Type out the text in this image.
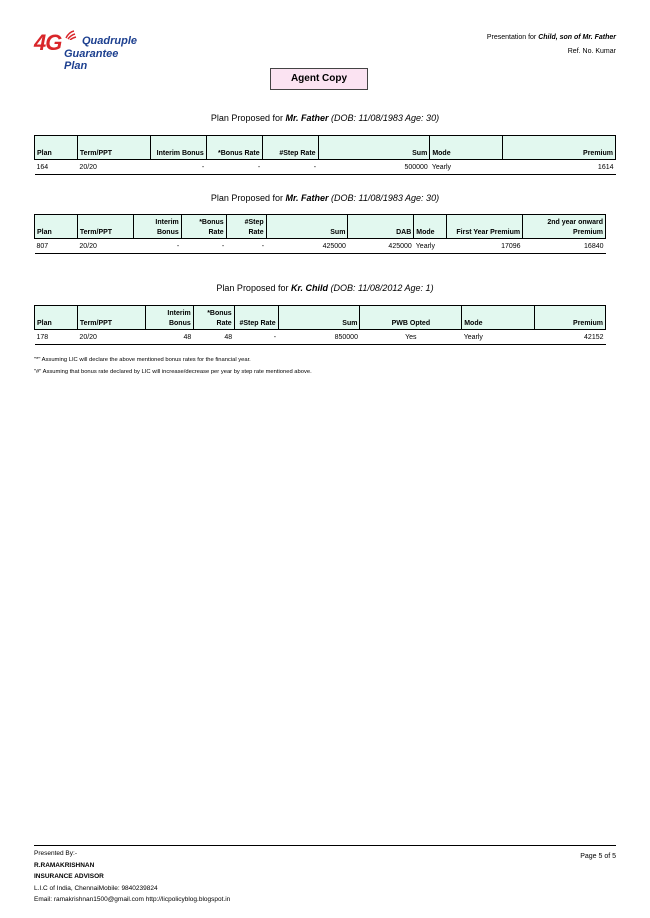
4G Quadruple
Guarantee Plan
Presentation for Child, son of Mr. Father
Ref. No. Kumar
Agent Copy
Plan Proposed for Mr. Father (DOB: 11/08/1983 Age: 30)
Plan	Term/PPT	Interim Bonus	*Bonus Rate	#Step Rate	Sum	Mode	Premium
164	20/20	-	-	-	500000	Yearly	1614
Plan Proposed for Mr. Father (DOB: 11/08/1983 Age: 30)
Plan	Term/PPT	Interim Bonus	*Bonus Rate	#Step Rate	Sum	DAB	Mode	First Year Premium	2nd year onward Premium
807	20/20	-	-	-	425000	425000	Yearly	17096	16840
Plan Proposed for Kr. Child (DOB: 11/08/2012 Age: 1)
Plan	Term/PPT	Interim Bonus	*Bonus Rate	#Step Rate	Sum	PWB Opted	Mode	Premium
178	20/20	48	48	-	850000	Yes	Yearly	42152
"*" Assuming LIC will declare the above mentioned bonus rates for the financial year.
"#" Assuming that bonus rate declared by LIC will increase/decrease per year by step rate mentioned above.
Presented By:-
R.RAMAKRISHNAN
INSURANCE ADVISOR
L.I.C of India, ChennaiMobile: 9840239824
Email: ramakrishnan1500@gmail.com http://licpolicyblog.blogspot.in
Page 5 of 5
